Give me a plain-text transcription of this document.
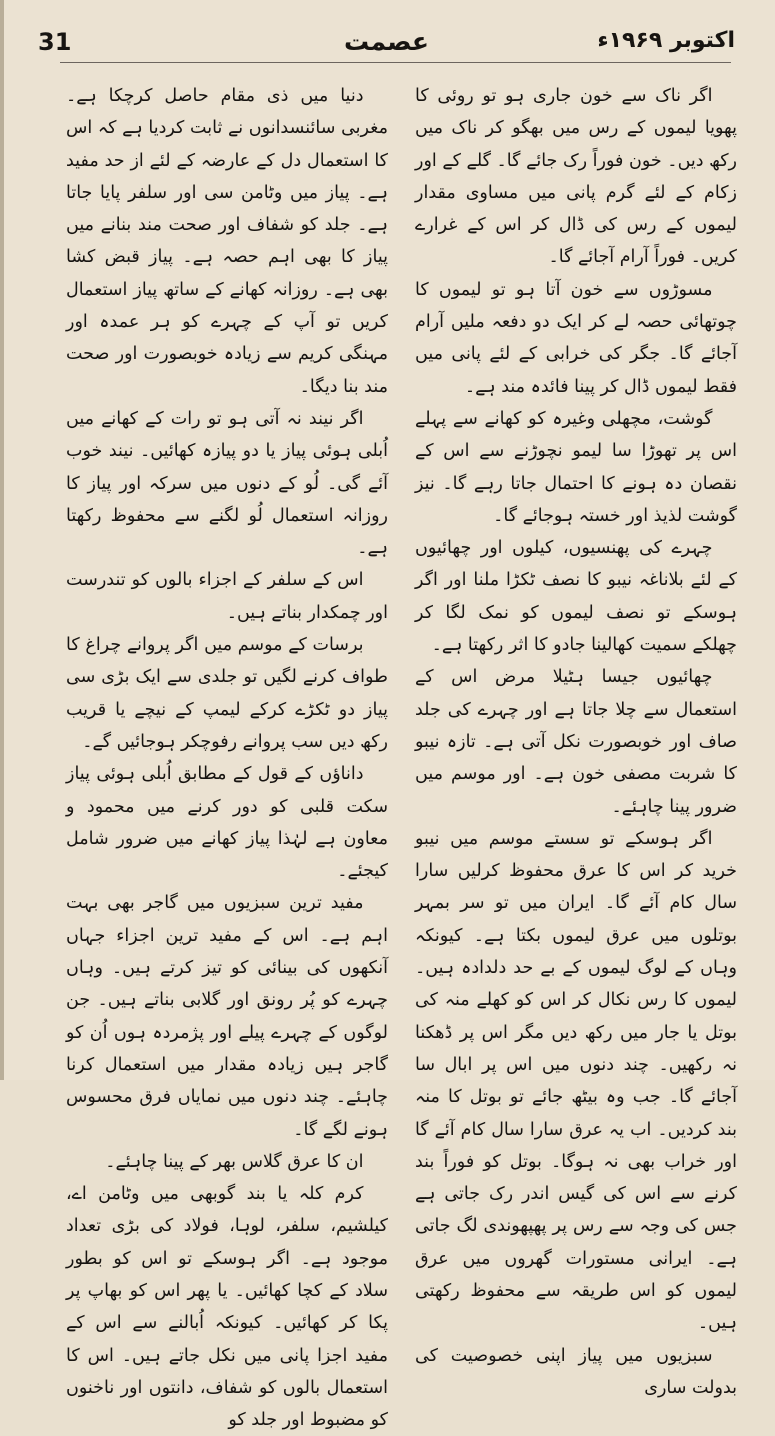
31	عصمت	اکتوبر ۱۹۶۹ء

اگر ناک سے خون جاری ہو تو روئی کا پھویا لیموں کے رس میں بھگو کر ناک میں رکھ دیں۔ خون فوراً رک جائے گا۔ گلے کے اور زکام کے لئے گرم پانی میں مساوی مقدار لیموں کے رس کی ڈال کر اس کے غرارے کریں۔ فوراً آرام آجائے گا۔

مسوڑوں سے خون آتا ہو تو لیموں کا چوتھائی حصہ لے کر ایک دو دفعہ ملیں آرام آجائے گا۔ جگر کی خرابی کے لئے پانی میں فقط لیموں ڈال کر پینا فائدہ مند ہے۔

گوشت، مچھلی وغیرہ کو کھانے سے پہلے اس پر تھوڑا سا لیمو نچوڑنے سے اس کے نقصان دہ ہونے کا احتمال جاتا رہے گا۔ نیز گوشت لذیذ اور خستہ ہوجائے گا۔

چہرے کی پھنسیوں، کیلوں اور چھائیوں کے لئے بلاناغہ نیبو کا نصف ٹکڑا ملنا اور اگر ہوسکے تو نصف لیموں کو نمک لگا کر چھلکے سمیت کھالینا جادو کا اثر رکھتا ہے۔

چھائیوں جیسا ہٹیلا مرض اس کے استعمال سے چلا جاتا ہے اور چہرے کی جلد صاف اور خوبصورت نکل آتی ہے۔ تازہ نیبو کا شربت مصفی خون ہے۔ اور موسم میں ضرور پینا چاہئے۔

اگر ہوسکے تو سستے موسم میں نیبو خرید کر اس کا عرق محفوظ کرلیں سارا سال کام آئے گا۔ ایران میں تو سر بمہر بوتلوں میں عرق لیموں بکتا ہے۔ کیونکہ وہاں کے لوگ لیموں کے بے حد دلدادہ ہیں۔ لیموں کا رس نکال کر اس کو کھلے منہ کی بوتل یا جار میں رکھ دیں مگر اس پر ڈھکنا نہ رکھیں۔ چند دنوں میں اس پر ابال سا آجائے گا۔ جب وہ بیٹھ جائے تو بوتل کا منہ بند کردیں۔ اب یہ عرق سارا سال کام آئے گا اور خراب بھی نہ ہوگا۔ بوتل کو فوراً بند کرنے سے اس کی گیس اندر رک جاتی ہے جس کی وجہ سے رس پر پھپھوندی لگ جاتی ہے۔ ایرانی مستورات گھروں میں عرق لیموں کو اس طریقہ سے محفوظ رکھتی ہیں۔

سبزیوں میں پیاز اپنی خصوصیت کی بدولت ساری

دنیا میں ذی مقام حاصل کرچکا ہے۔ مغربی سائنسدانوں نے ثابت کردیا ہے کہ اس کا استعمال دل کے عارضہ کے لئے از حد مفید ہے۔ پیاز میں وٹامن سی اور سلفر پایا جاتا ہے۔ جلد کو شفاف اور صحت مند بنانے میں پیاز کا بھی اہم حصہ ہے۔ پیاز قبض کشا بھی ہے۔ روزانہ کھانے کے ساتھ پیاز استعمال کریں تو آپ کے چہرے کو ہر عمدہ اور مہنگی کریم سے زیادہ خوبصورت اور صحت مند بنا دیگا۔

اگر نیند نہ آتی ہو تو رات کے کھانے میں اُبلی ہوئی پیاز یا دو پیازہ کھائیں۔ نیند خوب آئے گی۔ لُو کے دنوں میں سرکہ اور پیاز کا روزانہ استعمال لُو لگنے سے محفوظ رکھتا ہے۔

اس کے سلفر کے اجزاء بالوں کو تندرست اور چمکدار بناتے ہیں۔

برسات کے موسم میں اگر پروانے چراغ کا طواف کرنے لگیں تو جلدی سے ایک بڑی سی پیاز دو ٹکڑے کرکے لیمپ کے نیچے یا قریب رکھ دیں سب پروانے رفوچکر ہوجائیں گے۔

داناؤں کے قول کے مطابق اُبلی ہوئی پیاز سکت قلبی کو دور کرنے میں محمود و معاون ہے لہٰذا پیاز کھانے میں ضرور شامل کیجئے۔

مفید ترین سبزیوں میں گاجر بھی بہت اہم ہے۔ اس کے مفید ترین اجزاء جہاں آنکھوں کی بینائی کو تیز کرتے ہیں۔ وہاں چہرے کو پُر رونق اور گلابی بناتے ہیں۔ جن لوگوں کے چہرے پیلے اور پژمردہ ہوں اُن کو گاجر ہیں زیادہ مقدار میں استعمال کرنا چاہئے۔ چند دنوں میں نمایاں فرق محسوس ہونے لگے گا۔

ان کا عرق گلاس بھر کے پینا چاہئے۔

کرم کلہ یا بند گوبھی میں وٹامن اے، کیلشیم، سلفر، لوہا، فولاد کی بڑی تعداد موجود ہے۔ اگر ہوسکے تو اس کو بطور سلاد کے کچا کھائیں۔ یا پھر اس کو بھاپ پر پکا کر کھائیں۔ کیونکہ اُبالنے سے اس کے مفید اجزا پانی میں نکل جاتے ہیں۔ اس کا استعمال بالوں کو شفاف، دانتوں اور ناخنوں کو مضبوط اور جلد کو
